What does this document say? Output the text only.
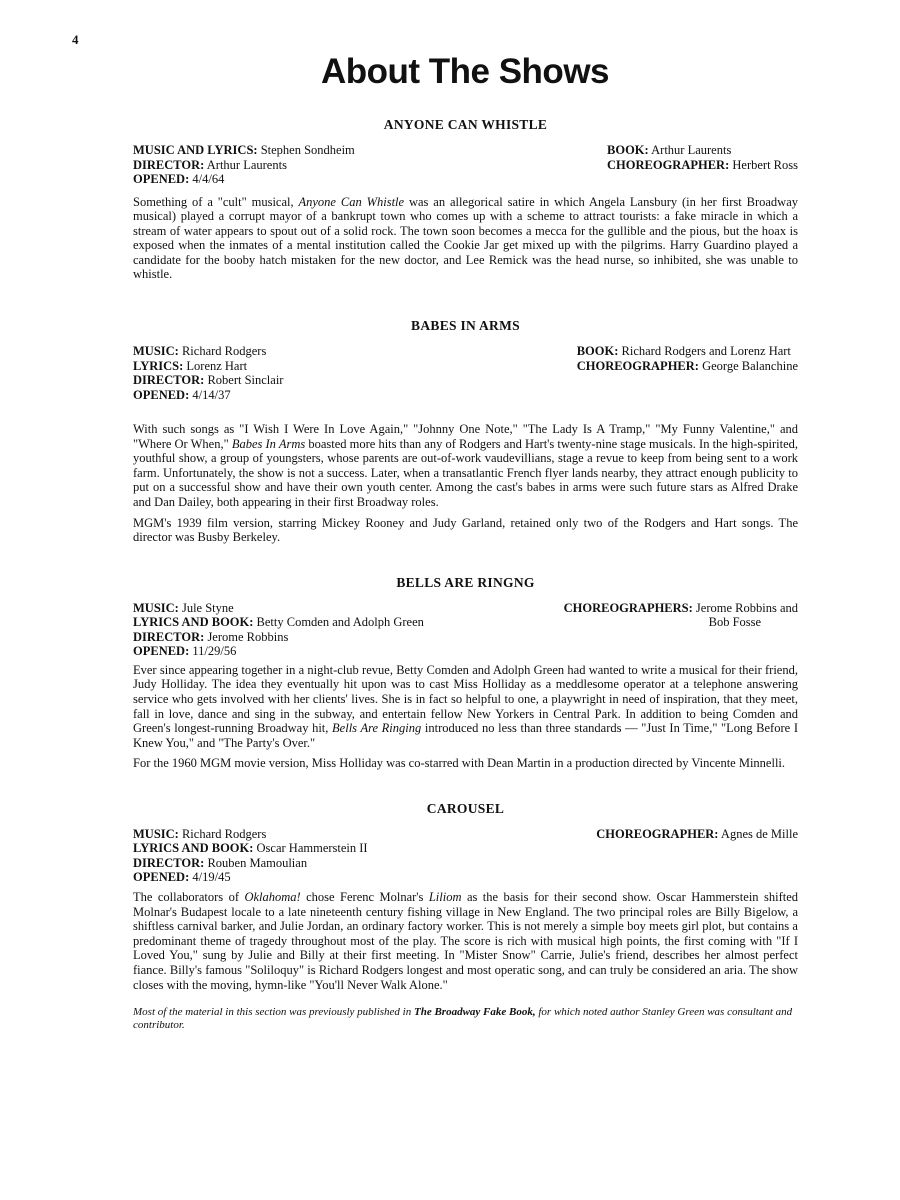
4
About The Shows
ANYONE CAN WHISTLE
MUSIC AND LYRICS: Stephen Sondheim
DIRECTOR: Arthur Laurents
OPENED: 4/4/64
BOOK: Arthur Laurents
CHOREOGRAPHER: Herbert Ross

Something of a "cult" musical, Anyone Can Whistle was an allegorical satire in which Angela Lansbury (in her first Broadway musical) played a corrupt mayor of a bankrupt town who comes up with a scheme to attract tourists: a fake miracle in which a stream of water appears to spout out of a solid rock. The town soon becomes a mecca for the gullible and the pious, but the hoax is exposed when the inmates of a mental institution called the Cookie Jar get mixed up with the pilgrims. Harry Guardino played a candidate for the booby hatch mistaken for the new doctor, and Lee Remick was the head nurse, so inhibited, she was unable to whistle.

BABES IN ARMS
MUSIC: Richard Rodgers
LYRICS: Lorenz Hart
DIRECTOR: Robert Sinclair
OPENED: 4/14/37
BOOK: Richard Rodgers and Lorenz Hart
CHOREOGRAPHER: George Balanchine

With such songs as "I Wish I Were In Love Again," "Johnny One Note," "The Lady Is A Tramp," "My Funny Valentine," and "Where Or When," Babes In Arms boasted more hits than any of Rodgers and Hart's twenty-nine stage musicals. In the high-spirited, youthful show, a group of youngsters, whose parents are out-of-work vaudevillians, stage a revue to keep from being sent to a work farm. Unfortunately, the show is not a success. Later, when a transatlantic French flyer lands nearby, they attract enough publicity to put on a successful show and have their own youth center. Among the cast's babes in arms were such future stars as Alfred Drake and Dan Dailey, both appearing in their first Broadway roles.

MGM's 1939 film version, starring Mickey Rooney and Judy Garland, retained only two of the Rodgers and Hart songs. The director was Busby Berkeley.

BELLS ARE RINGNG
MUSIC: Jule Styne
LYRICS AND BOOK: Betty Comden and Adolph Green
DIRECTOR: Jerome Robbins
OPENED: 11/29/56
CHOREOGRAPHERS: Jerome Robbins and
Bob Fosse

Ever since appearing together in a night-club revue, Betty Comden and Adolph Green had wanted to write a musical for their friend, Judy Holliday. The idea they eventually hit upon was to cast Miss Holliday as a meddlesome operator at a telephone answering service who gets involved with her clients' lives. She is in fact so helpful to one, a playwright in need of inspiration, that they meet, fall in love, dance and sing in the subway, and entertain fellow New Yorkers in Central Park. In addition to being Comden and Green's longest-running Broadway hit, Bells Are Ringing introduced no less than three standards — "Just In Time," "Long Before I Knew You," and "The Party's Over."

For the 1960 MGM movie version, Miss Holliday was co-starred with Dean Martin in a production directed by Vincente Minnelli.

CAROUSEL
MUSIC: Richard Rodgers
LYRICS AND BOOK: Oscar Hammerstein II
DIRECTOR: Rouben Mamoulian
OPENED: 4/19/45
CHOREOGRAPHER: Agnes de Mille

The collaborators of Oklahoma! chose Ferenc Molnar's Liliom as the basis for their second show. Oscar Hammerstein shifted Molnar's Budapest locale to a late nineteenth century fishing village in New England. The two principal roles are Billy Bigelow, a shiftless carnival barker, and Julie Jordan, an ordinary factory worker. This is not merely a simple boy meets girl plot, but contains a predominant theme of tragedy throughout most of the play. The score is rich with musical high points, the first coming with "If I Loved You," sung by Julie and Billy at their first meeting. In "Mister Snow" Carrie, Julie's friend, describes her almost perfect fiance. Billy's famous "Soliloquy" is Richard Rodgers longest and most operatic song, and can truly be considered an aria. The show closes with the moving, hymn-like "You'll Never Walk Alone."

Most of the material in this section was previously published in The Broadway Fake Book, for which noted author Stanley Green was consultant and contributor.
